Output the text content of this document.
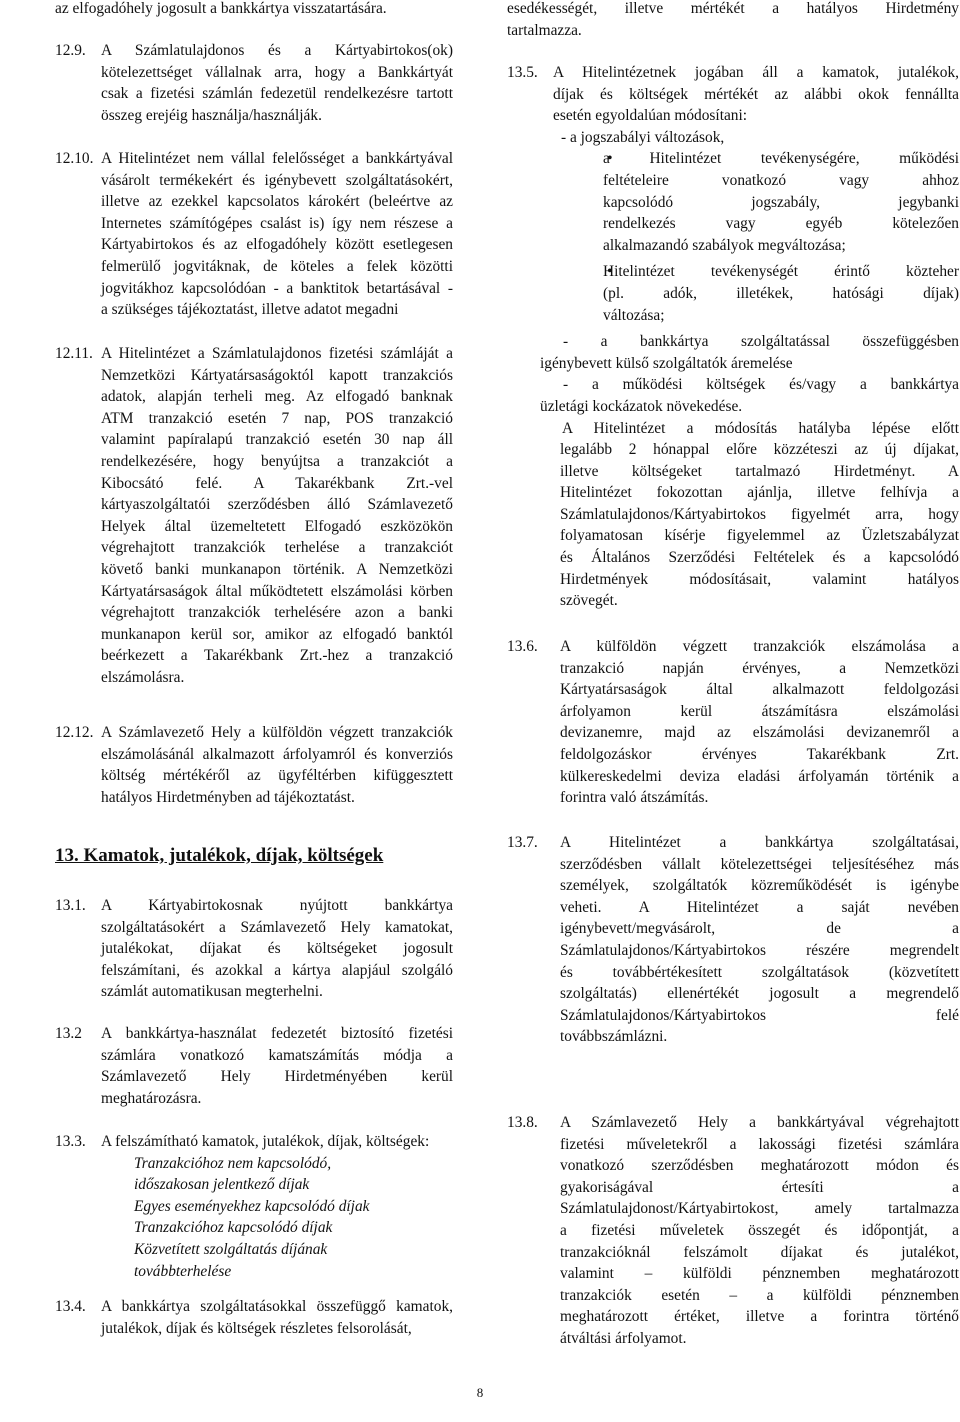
az elfogadóhely jogosult a bankkártya visszatartására.
12.9. A Számlatulajdonos és a Kártyabirtokos(ok)
kötelezettséget vállalnak arra, hogy a Bankkártyát
csak a fizetési számlán fedezetül rendelkezésre tartott
összeg erejéig használja/használják.
12.10. A Hitelintézet nem vállal felelősséget a bankkártyával
vásárolt termékekért és igénybevett szolgáltatásokért,
illetve az ezekkel kapcsolatos károkért (beleértve az
Internetes számítógépes csalást is) így nem részese a
Kártyabirtokos és az elfogadóhely között esetlegesen
felmerülő jogvitáknak, de köteles a felek közötti
jogvitákhoz kapcsolódóan - a banktitok betartásával -
a szükséges tájékoztatást, illetve adatot megadni
12.11. A Hitelintézet a Számlatulajdonos fizetési számláját a
Nemzetközi Kártyatársaságoktól kapott tranzakciós
adatok, alapján terheli meg. Az elfogadó banknak
ATM tranzakció esetén 7 nap, POS tranzakció
valamint papíralapú tranzakció esetén 30 nap áll
rendelkezésére, hogy benyújtsa a tranzakciót a
Kibocsátó felé. A Takarékbank Zrt.-vel
kártyaszolgáltatói szerződésben álló Számlavezető
Helyek által üzemeltetett Elfogadó eszközökön
végrehajtott tranzakciók terhelése a tranzakciót
követő banki munkanapon történik. A Nemzetközi
Kártyatársaságok által működtetett elszámolási körben
végrehajtott tranzakciók terhelésére azon a banki
munkanapon kerül sor, amikor az elfogadó banktól
beérkezett a Takarékbank Zrt.-hez a tranzakció
elszámolásra.
12.12. A Számlavezető Hely a külföldön végzett tranzakciók
elszámolásánál alkalmazott árfolyamról és konverziós
költség mértékéről az ügyféltérben kifüggesztett
hatályos Hirdetményben ad tájékoztatást.
13. Kamatok, jutalékok, díjak, költségek
13.1. A Kártyabirtokosnak nyújtott bankkártya
szolgáltatásokért a Számlavezető Hely kamatokat,
jutalékokat, díjakat és költségeket jogosult
felszámítani, és azokkal a kártya alapjául szolgáló
számlát automatikusan megterhelni.
13.2	A bankkártya-használat fedezetét biztosító fizetési
számlára vonatkozó kamatszámítás módja a
Számlavezető Hely Hirdetményében kerül
meghatározásra.
13.3. A felszámítható kamatok, jutalékok, díjak, költségek:
Tranzakcióhoz nem kapcsolódó,
időszakosan jelentkező díjak
Egyes eseményekhez kapcsolódó díjak
Tranzakcióhoz kapcsolódó díjak
Közvetített szolgáltatás díjának
továbbterhelése
13.4. A bankkártya szolgáltatásokkal összefüggő kamatok,
jutalékok, díjak és költségek részletes felsorolását,
esedékességét, illetve mértékét a hatályos Hirdetmény
tartalmazza.
13.5. A Hitelintézetnek jogában áll a kamatok, jutalékok,
díjak és költségek mértékét az alábbi okok fennállta
esetén egyoldalúan módosítani:
- a jogszabályi változások,
• a Hitelintézet tevékenységére, működési
feltételeire vonatkozó vagy ahhoz
kapcsolódó jogszabály, jegybanki
rendelkezés vagy egyéb kötelezően
alkalmazandó szabályok megváltozása;
• Hitelintézet tevékenységét érintő közteher
(pl. adók, illetékek, hatósági díjak)
változása;
- a bankkártya szolgáltatással összefüggésben
igénybevett külső szolgáltatók áremelése
- a működési költségek és/vagy a bankkártya
üzletági kockázatok növekedése.
A Hitelintézet a módosítás hatályba lépése előtt
legalább 2 hónappal előre közzéteszi az új díjakat,
illetve költségeket tartalmazó Hirdetményt. A
Hitelintézet fokozottan ajánlja, illetve felhívja a
Számlatulajdonos/Kártyabirtokos figyelmét arra, hogy
folyamatosan kísérje figyelemmel az Üzletszabályzat
és Általános Szerződési Feltételek és a kapcsolódó
Hirdetmények módosításait, valamint hatályos
szövegét.
13.6.	A külföldön végzett tranzakciók elszámolása a
tranzakció napján érvényes, a Nemzetközi
Kártyatársaságok által alkalmazott feldolgozási
árfolyamon kerül átszámításra elszámolási
devizanemre, majd az elszámolási devizanemről a
feldolgozáskor érvényes Takarékbank Zrt.
külkereskedelmi deviza eladási árfolyamán történik a
forintra való átszámítás.
13.7.	A Hitelintézet a bankkártya szolgáltatásai,
szerződésben vállalt kötelezettségei teljesítéséhez más
személyek, szolgáltatók közreműködését is igénybe
veheti. A Hitelintézet a saját nevében
igénybevett/megvásárolt, de a
Számlatulajdonos/Kártyabirtokos részére megrendelt
és továbbértékesített szolgáltatások (közvetített
szolgáltatás) ellenértékét jogosult a megrendelő
Számlatulajdonos/Kártyabirtokos felé
továbbszámlázni.
13.8.	A Számlavezető Hely a bankkártyával végrehajtott
fizetési műveletekről a lakossági fizetési számlára
vonatkozó szerződésben meghatározott módon és
gyakoriságával értesíti a
Számlatulajdonost/Kártyabirtokost, amely tartalmazza
a fizetési műveletek összegét és időpontját, a
tranzakcióknál felszámolt díjakat és jutalékot,
valamint – külföldi pénznemben meghatározott
tranzakciók esetén – a külföldi pénznemben
meghatározott értéket, illetve a forintra történő
átváltási árfolyamot.
8
